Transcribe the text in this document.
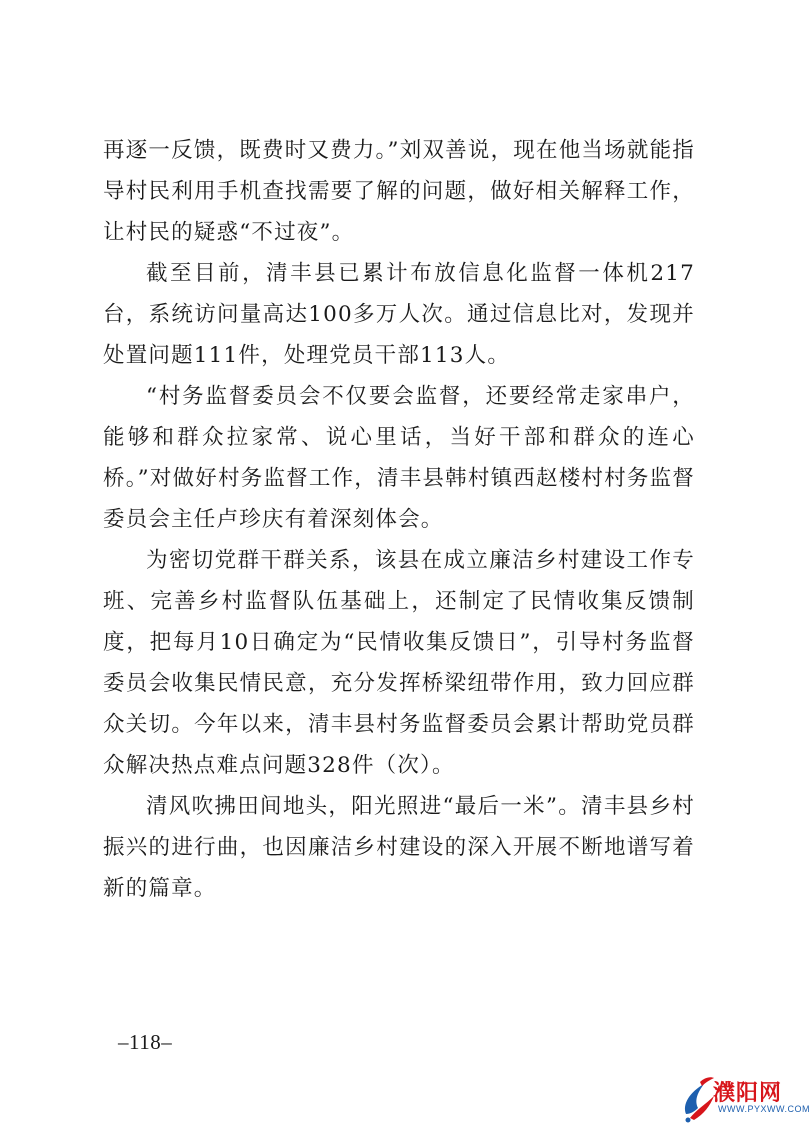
再逐一反馈，既费时又费力。”刘双善说，现在他当场就能指导村民利用手机查找需要了解的问题，做好相关解释工作，让村民的疑惑“不过夜”。

截至目前，清丰县已累计布放信息化监督一体机217台，系统访问量高达100多万人次。通过信息比对，发现并处置问题111件，处理党员干部113人。

“村务监督委员会不仅要会监督，还要经常走家串户，能够和群众拉家常、说心里话，当好干部和群众的连心桥。”对做好村务监督工作，清丰县韩村镇西赵楼村村务监督委员会主任卢珍庆有着深刻体会。

为密切党群干群关系，该县在成立廉洁乡村建设工作专班、完善乡村监督队伍基础上，还制定了民情收集反馈制度，把每月10日确定为“民情收集反馈日”，引导村务监督委员会收集民情民意，充分发挥桥梁纽带作用，致力回应群众关切。今年以来，清丰县村务监督委员会累计帮助党员群众解决热点难点问题328件（次）。

清风吹拂田间地头，阳光照进“最后一米”。清丰县乡村振兴的进行曲，也因廉洁乡村建设的深入开展不断地谱写着新的篇章。

–118–
濮阳网
WWW.PYXWW.COM
